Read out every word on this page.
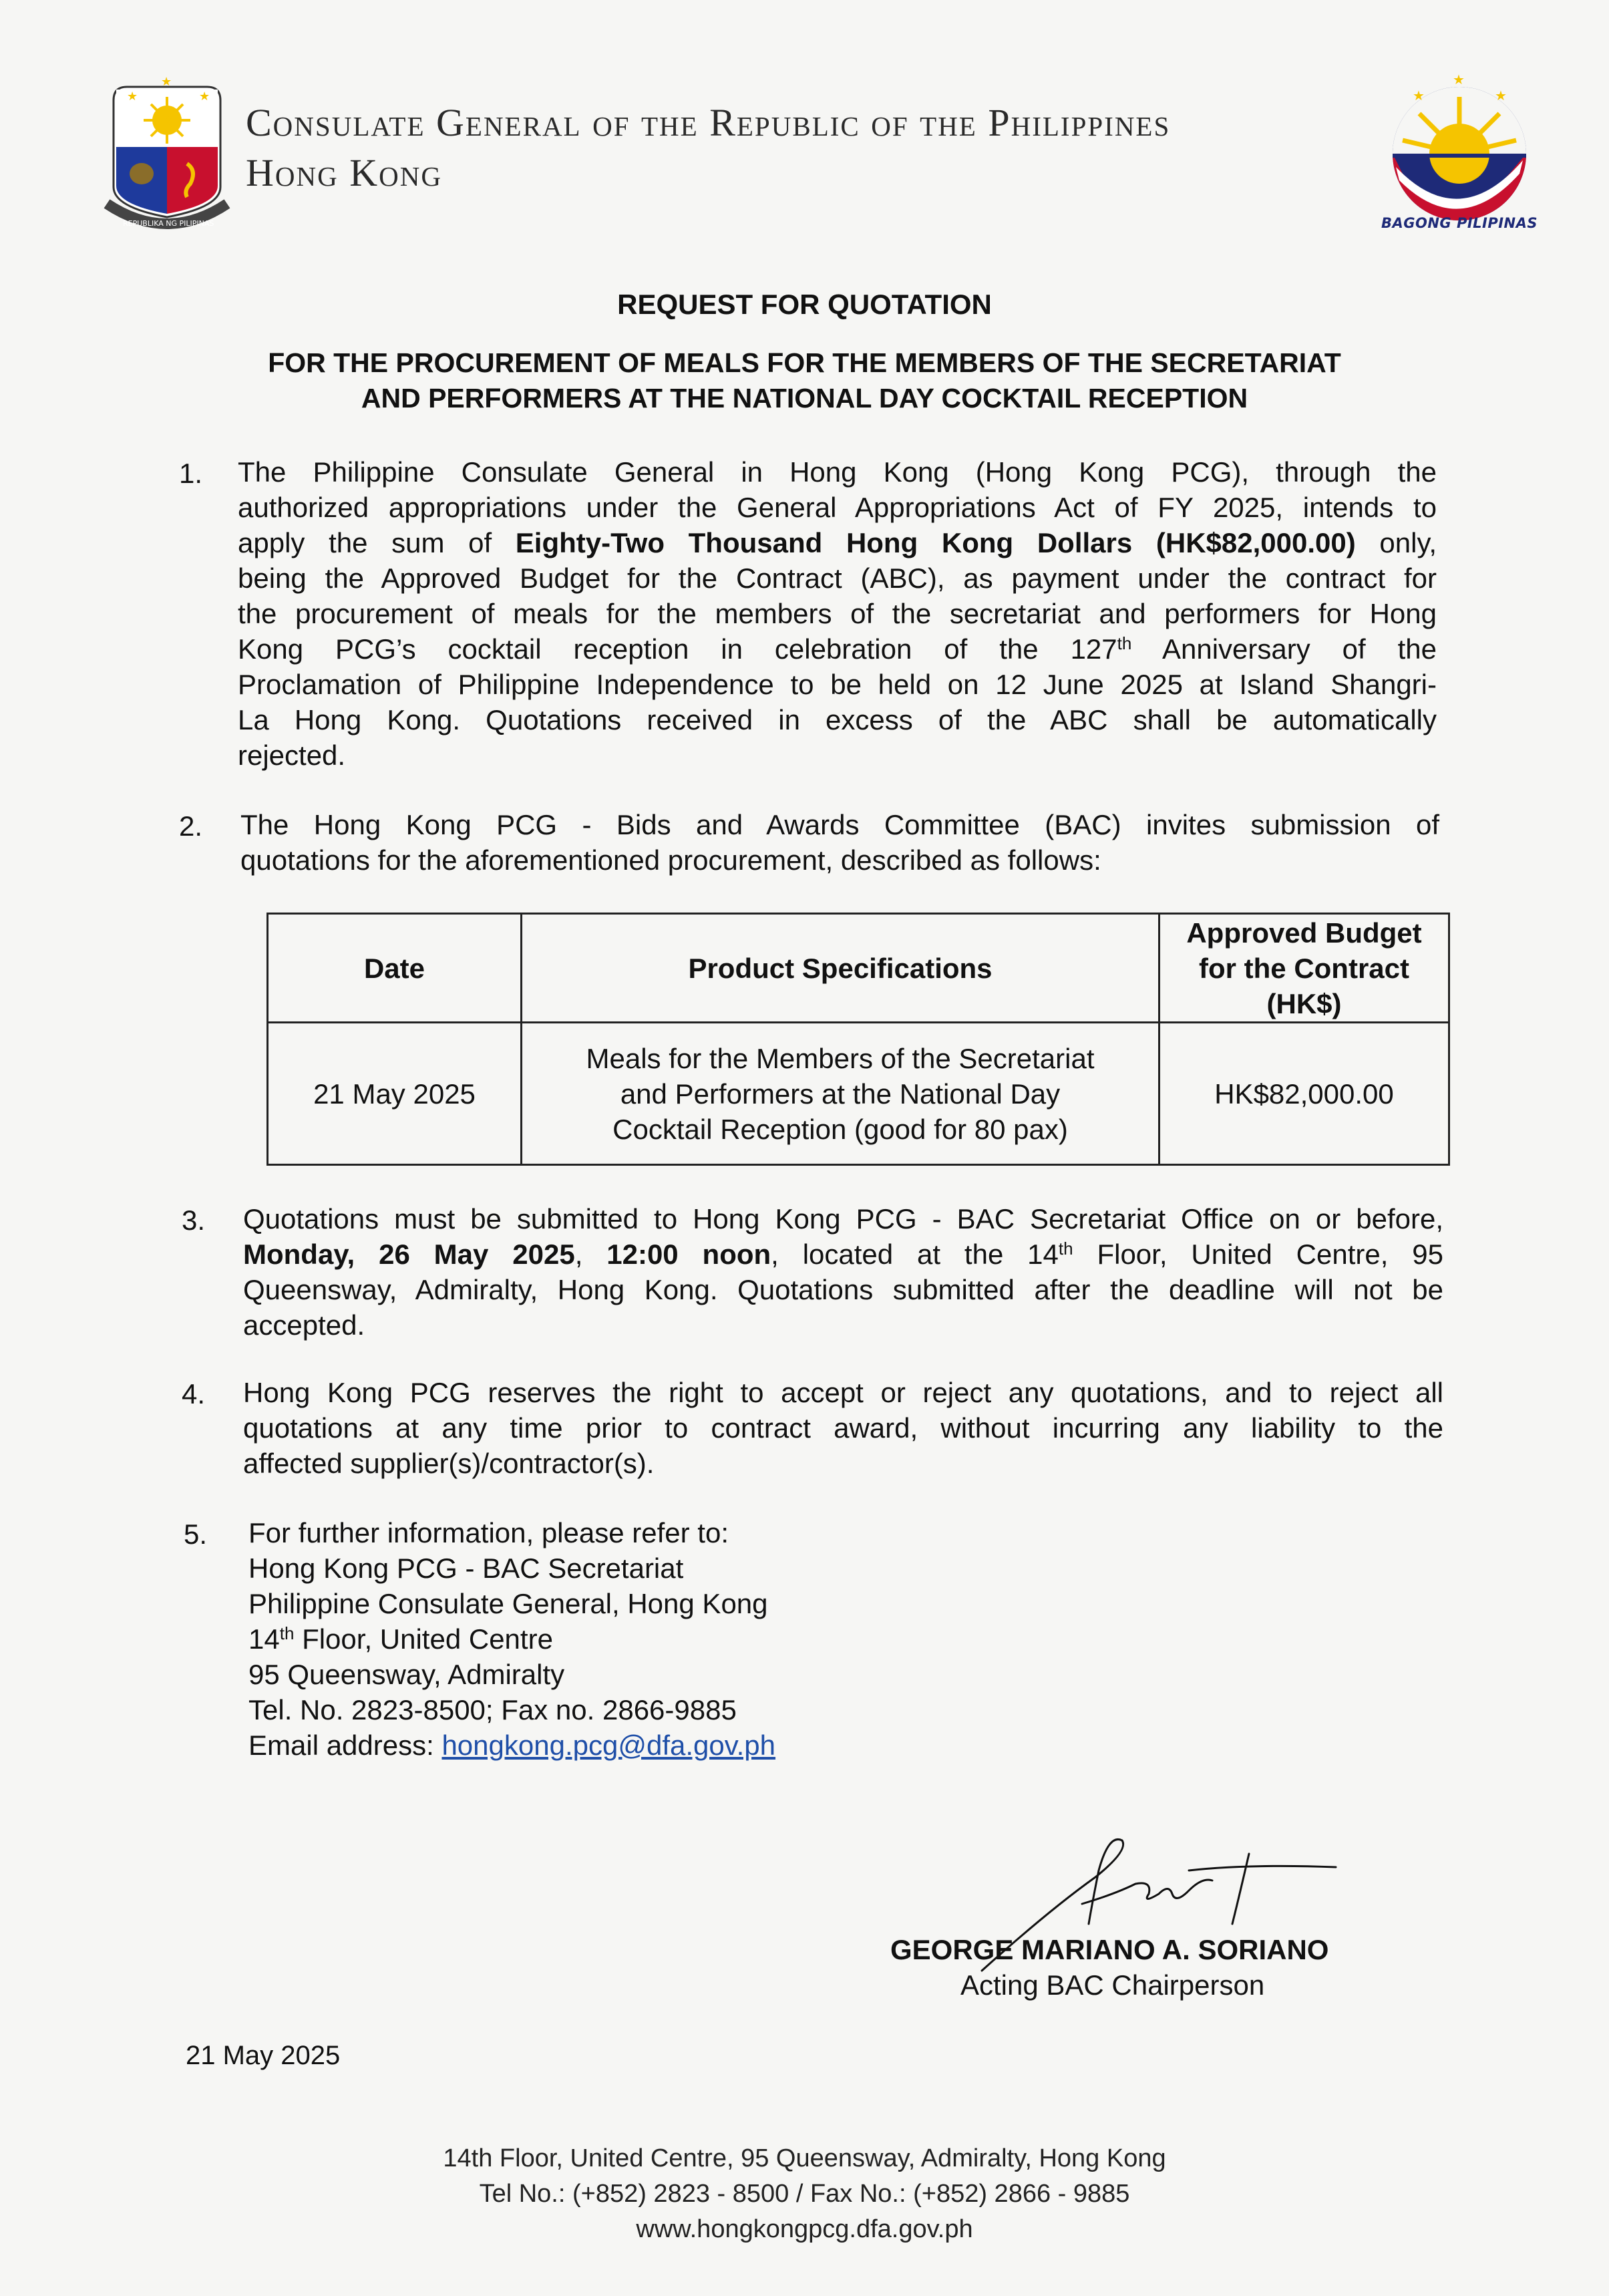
★	★
★
REPUBLIKA NG PILIPINAS
Consulate General of the Republic of the Philippines
Hong Kong
★
★
★
BAGONG PILIPINAS
REQUEST FOR QUOTATION
FOR THE PROCUREMENT OF MEALS FOR THE MEMBERS OF THE SECRETARIAT
AND PERFORMERS AT THE NATIONAL DAY COCKTAIL RECEPTION
1. The Philippine Consulate General in Hong Kong (Hong Kong PCG), through the
authorized appropriations under the General Appropriations Act of FY 2025, intends to
apply the sum of Eighty-Two Thousand Hong Kong Dollars (HK$82,000.00) only,
being the Approved Budget for the Contract (ABC), as payment under the contract for
the procurement of meals for the members of the secretariat and performers for Hong
Kong PCG’s cocktail reception in celebration of the 127th Anniversary of the
Proclamation of Philippine Independence to be held on 12 June 2025 at Island Shangri-
La Hong Kong. Quotations received in excess of the ABC shall be automatically
rejected.
2. The Hong Kong PCG - Bids and Awards Committee (BAC) invites submission of
quotations for the aforementioned procurement, described as follows:
Date	Product Specifications	Approved Budget
for the Contract
(HK$)
21 May 2025	Meals for the Members of the Secretariat
and Performers at the National Day
Cocktail Reception (good for 80 pax)	HK$82,000.00
3. Quotations must be submitted to Hong Kong PCG - BAC Secretariat Office on or before,
Monday, 26 May 2025, 12:00 noon, located at the 14th Floor, United Centre, 95
Queensway, Admiralty, Hong Kong. Quotations submitted after the deadline will not be
accepted.
4. Hong Kong PCG reserves the right to accept or reject any quotations, and to reject all
quotations at any time prior to contract award, without incurring any liability to the
affected supplier(s)/contractor(s).
5. For further information, please refer to:
Hong Kong PCG - BAC Secretariat
Philippine Consulate General, Hong Kong
14th Floor, United Centre
95 Queensway, Admiralty
Tel. No. 2823-8500; Fax no. 2866-9885
Email address: hongkong.pcg@dfa.gov.ph
GEORGE MARIANO A. SORIANO
Acting BAC Chairperson
21 May 2025
14th Floor, United Centre, 95 Queensway, Admiralty, Hong Kong
Tel No.: (+852) 2823 - 8500 / Fax No.: (+852) 2866 - 9885
www.hongkongpcg.dfa.gov.ph
